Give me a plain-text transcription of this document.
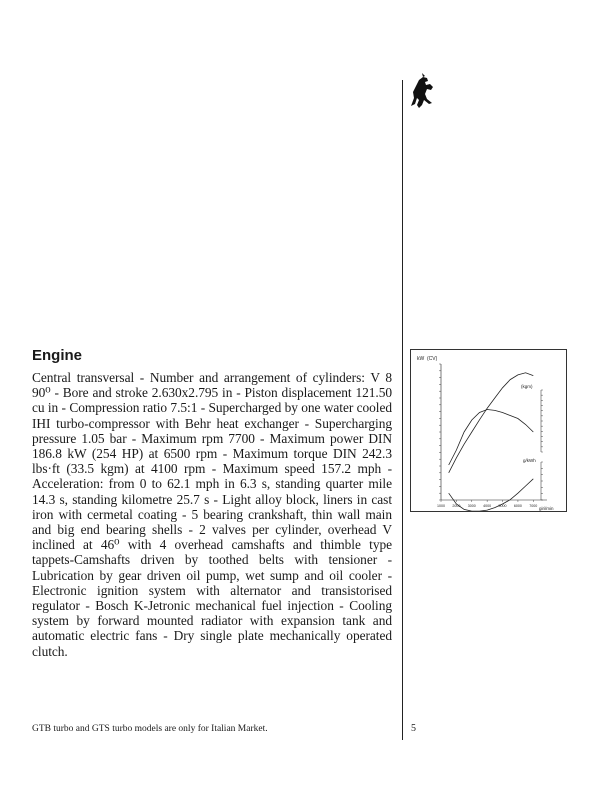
Engine

Central transversal - Number and arrangement of cylinders: V 8 90⁰ - Bore and stroke 2.630x2.795 in - Piston displacement 121.50 cu in - Compression ratio 7.5:1 - Supercharged by one water cooled IHI turbo-compressor with Behr heat exchanger - Supercharging pressure 1.05 bar - Maximum rpm 7700 - Maximum power DIN 186.8 kW (254 HP) at 6500 rpm - Maximum torque DIN 242.3 lbs·ft (33.5 kgm) at 4100 rpm - Maximum speed 157.2 mph - Acceleration: from 0 to 62.1 mph in 6.3 s, standing quarter mile 14.3 s, standing kilometre 25.7 s - Light alloy block, liners in cast iron with cermetal coating - 5 bearing crankshaft, thin wall main and big end bearing shells - 2 valves per cylinder, overhead V inclined at 46⁰ with 4 overhead camshafts and thimble type tappets-Camshafts driven by toothed belts with tensioner - Lubrication by gear driven oil pump, wet sump and oil cooler - Electronic ignition system with alternator and transistorised regulator - Bosch K-Jetronic mechanical fuel injection - Cooling system by forward mounted radiator with expansion tank and automatic electric fans - Dry single plate mechanically operated clutch.

GTB turbo and GTS turbo models are only for Italian Market.	5

kW (CV)
(kgm)
g/kWh
giri/min
1000 2000 3000 4000 5000 6000 7000
